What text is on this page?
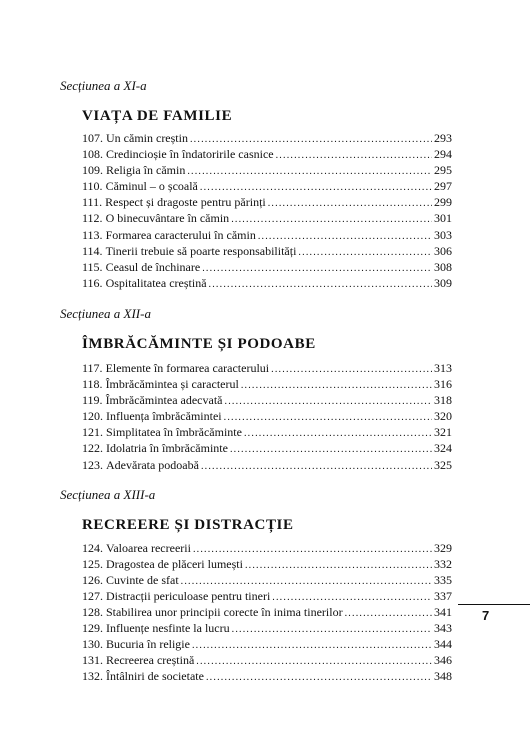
Secțiunea a XI-a

VIAȚA DE FAMILIE
107. Un cămin creștin .....	293
108. Credincioșie în îndatoririle casnice .....	294
109. Religia în cămin .....	295
110. Căminul – o școală .....	297
111. Respect și dragoste pentru părinți .....	299
112. O binecuvântare în cămin .....	301
113. Formarea caracterului în cămin .....	303
114. Tinerii trebuie să poarte responsabilități .....	306
115. Ceasul de închinare .....	308
116. Ospitalitatea creștină .....	309

Secțiunea a XII-a

ÎMBRĂCĂMINTE ȘI PODOABE
117. Elemente în formarea caracterului .....	313
118. Îmbrăcămintea și caracterul .....	316
119. Îmbrăcămintea adecvată .....	318
120. Influența îmbrăcămintei .....	320
121. Simplitatea în îmbrăcăminte .....	321
122. Idolatria în îmbrăcăminte .....	324
123. Adevărata podoabă .....	325

Secțiunea a XIII-a

RECREERE ȘI DISTRACȚIE
124. Valoarea recreerii .....	329
125. Dragostea de plăceri lumești .....	332
126. Cuvinte de sfat .....	335
127. Distracții periculoase pentru tineri .....	337
128. Stabilirea unor principii corecte în inima tinerilor .....	341
129. Influențe nesfinte la lucru .....	343
130. Bucuria în religie .....	344
131. Recreerea creștină .....	346
132. Întâlniri de societate .....	348
7
